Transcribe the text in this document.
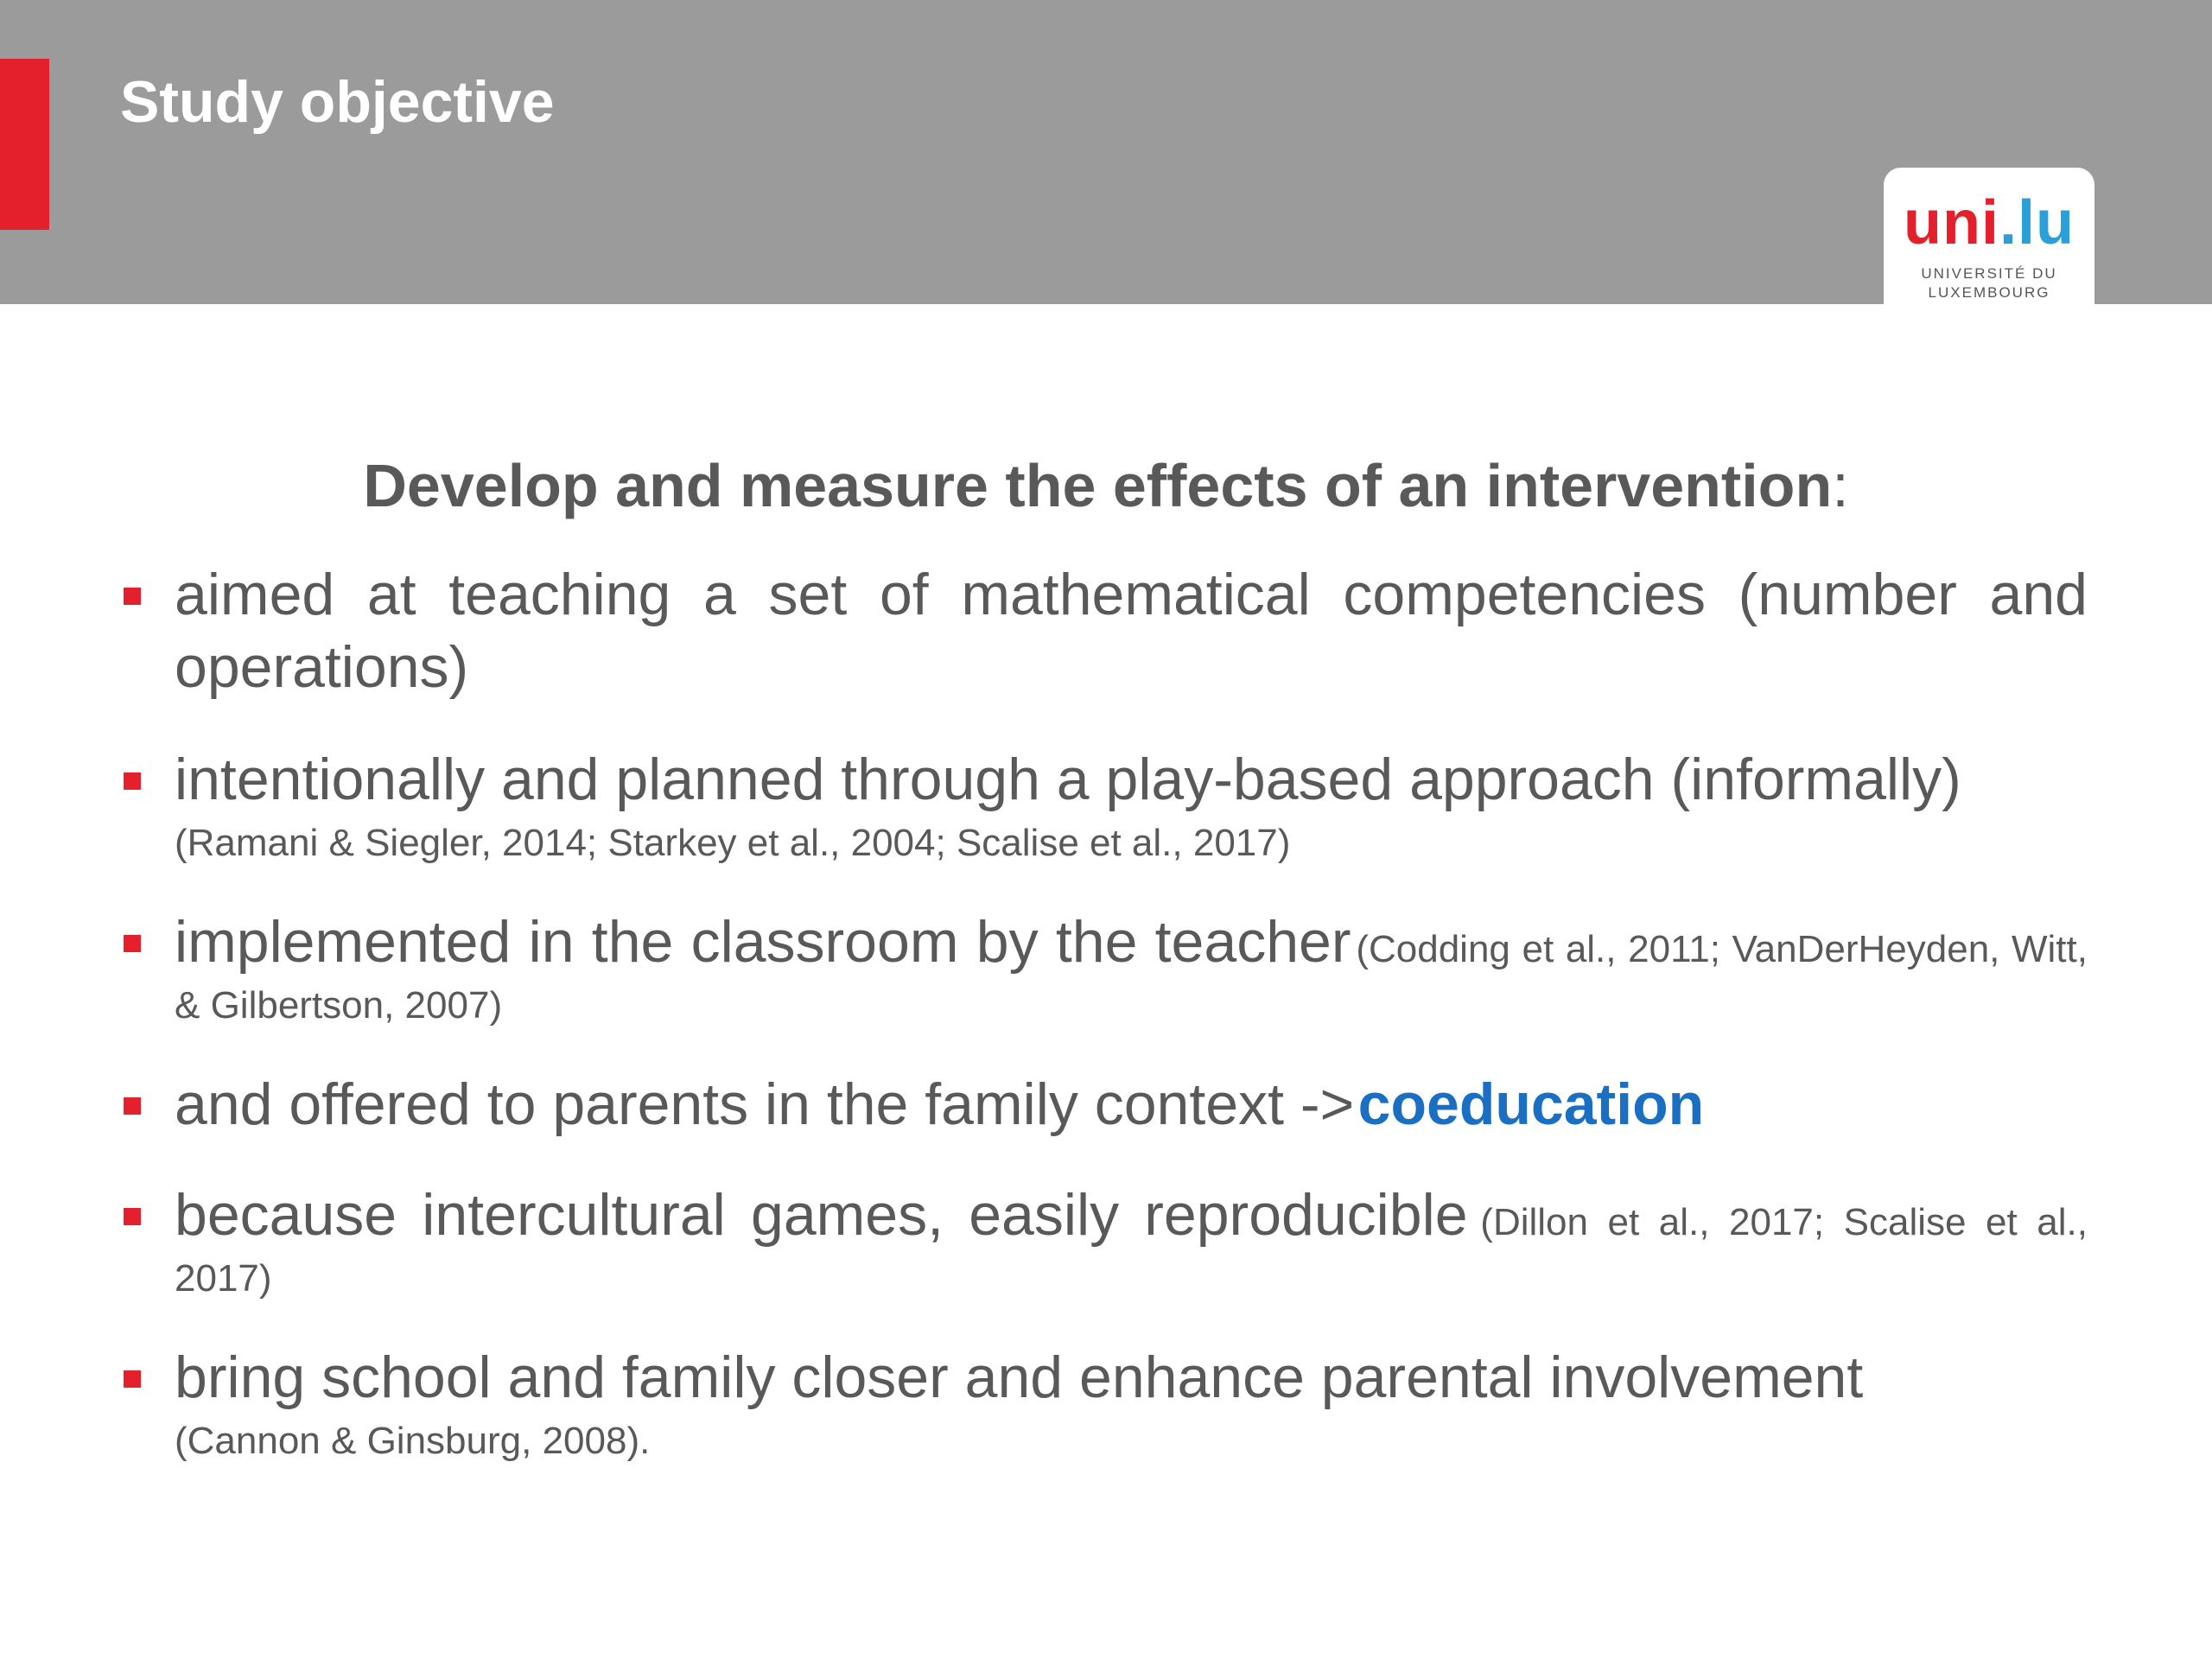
Study objective
uni.lu
UNIVERSITÉ DU
LUXEMBOURG

Develop and measure the effects of an intervention:

aimed at teaching a set of mathematical competencies (number and operations)
intentionally and planned through a play-based approach (informally)
(Ramani & Siegler, 2014; Starkey et al., 2004; Scalise et al., 2017)
implemented in the classroom by the teacher (Codding et al., 2011; VanDerHeyden, Witt, & Gilbertson, 2007)
and offered to parents in the family context -> coeducation
because intercultural games, easily reproducible (Dillon et al., 2017; Scalise et al., 2017)
bring school and family closer and enhance parental involvement
(Cannon & Ginsburg, 2008).
